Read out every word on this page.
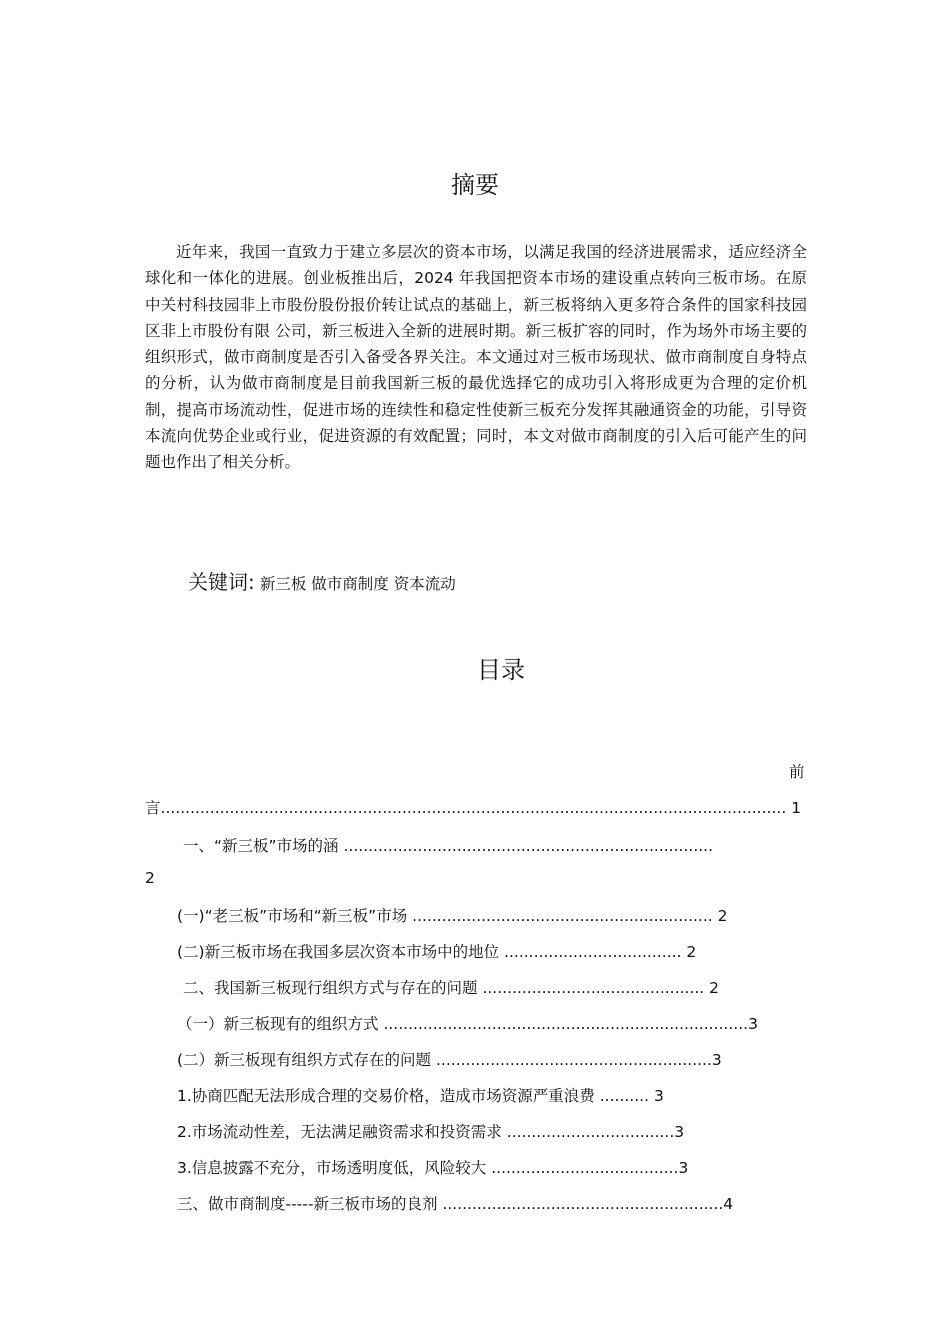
摘要
近年来，我国一直致力于建立多层次的资本市场，以满足我国的经济进展需求，适应经济全球化和一体化的进展。创业板推出后，2024 年我国把资本市场的建设重点转向三板市场。在原中关村科技园非上市股份股份报价转让试点的基础上，新三板将纳入更多符合条件的国家科技园区非上市股份有限 公司，新三板进入全新的进展时期。新三板扩容的同时，作为场外市场主要的组织形式，做市商制度是否引入备受各界关注。本文通过对三板市场现状、做市商制度自身特点的分析，认为做市商制度是目前我国新三板的最优选择它的成功引入将形成更为合理的定价机制，提高市场流动性，促进市场的连续性和稳定性使新三板充分发挥其融通资金的功能，引导资本流向优势企业或行业，促进资源的有效配置；同时，本文对做市商制度的引入后可能产生的问题也作出了相关分析。
关键词: 新三板 做市商制度 资本流动
目录
前
言............................................................................................................................... 1
一、“新三板”市场的涵 ...........................................................................
2
(一)“老三板”市场和“新三板”市场 ............................................................. 2
(二)新三板市场在我国多层次资本市场中的地位 .................................... 2
二、我国新三板现行组织方式与存在的问题 ............................................. 2
（一）新三板现有的组织方式 ..........................................................................3
(二）新三板现有组织方式存在的问题 ........................................................3
1.协商匹配无法形成合理的交易价格，造成市场资源严重浪费 .......... 3
2.市场流动性差，无法满足融资需求和投资需求 ..................................3
3.信息披露不充分，市场透明度低，风险较大 ......................................3
三、做市商制度-----新三板市场的良剂 .........................................................4
